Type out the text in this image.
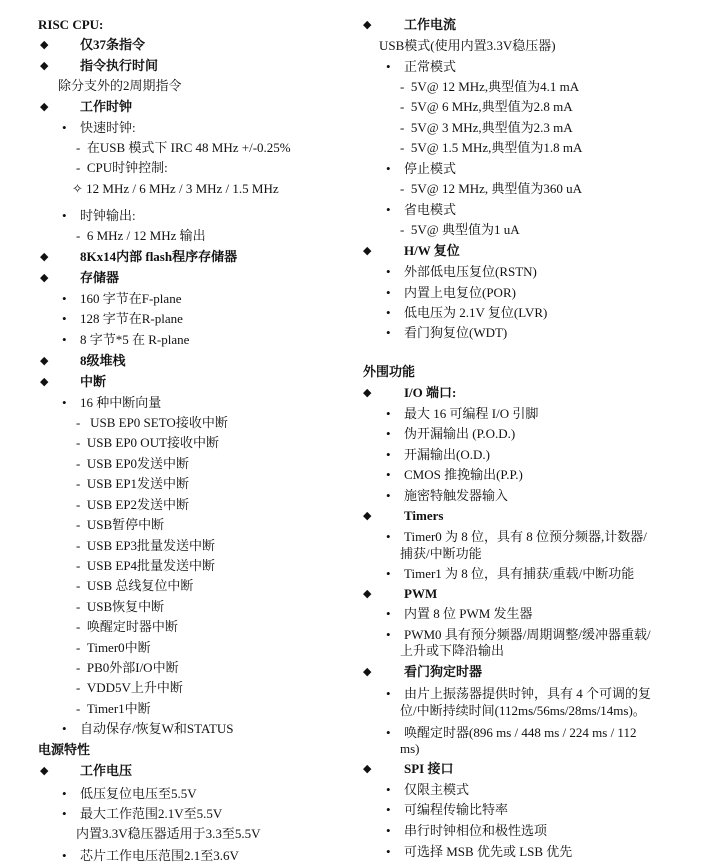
RISC CPU:
◆ 仅37条指令
◆ 指令执行时间
除分支外的2周期指令
◆ 工作时钟
• 快速时钟:
- 在USB 模式下 IRC 48 MHz +/-0.25%
- CPU时钟控制:
✧ 12 MHz / 6 MHz / 3 MHz / 1.5 MHz
• 时钟输出:
- 6 MHz / 12 MHz 输出
◆ 8Kx14内部 flash程序存储器
◆ 存储器
• 160 字节在F-plane
• 128 字节在R-plane
• 8 字节*5 在 R-plane
◆ 8级堆栈
◆ 中断
• 16 种中断向量
- USB EP0 SETO接收中断
- USB EP0 OUT接收中断
- USB EP0发送中断
- USB EP1发送中断
- USB EP2发送中断
- USB暂停中断
- USB EP3批量发送中断
- USB EP4批量发送中断
- USB 总线复位中断
- USB恢复中断
- 唤醒定时器中断
- Timer0中断
- PB0外部I/O中断
- VDD5V上升中断
- Timer1中断
• 自动保存/恢复W和STATUS
电源特性
◆ 工作电压
• 低压复位电压至5.5V
• 最大工作范围2.1V至5.5V
内置3.3V稳压器适用于3.3至5.5V
• 芯片工作电压范围2.1至3.6V
◆	工作电流
USB模式(使用内置3.3V稳压器)
• 正常模式
- 5V@ 12 MHz,典型值为4.1 mA
- 5V@ 6 MHz,典型值为2.8 mA
- 5V@ 3 MHz,典型值为2.3 mA
- 5V@ 1.5 MHz,典型值为1.8 mA
• 停止模式
- 5V@ 12 MHz, 典型值为360 uA
• 省电模式
- 5V@ 典型值为1 uA
◆	H/W 复位
• 外部低电压复位(RSTN)
• 内置上电复位(POR)
• 低电压为 2.1V 复位(LVR)
• 看门狗复位(WDT)
外围功能
◆	I/O 端口:
• 最大 16 可编程 I/O 引脚
• 伪开漏输出 (P.O.D.)
• 开漏输出(O.D.)
• CMOS 推挽输出(P.P.)
• 施密特触发器输入
◆	Timers
• Timer0 为 8 位，具有 8 位预分频器,计数器/
捕获/中断功能
• Timer1 为 8 位，具有捕获/重载/中断功能
◆	PWM
• 内置 8 位 PWM 发生器
• PWM0 具有预分频器/周期调整/缓冲器重载/
上升或下降沿输出
◆	看门狗定时器
• 由片上振荡器提供时钟，具有 4 个可调的复
位/中断持续时间(112ms/56ms/28ms/14ms)。
• 唤醒定时器(896 ms / 448 ms / 224 ms / 112
ms)
◆	SPI 接口
• 仅限主模式
• 可编程传输比特率
• 串行时钟相位和极性选项
• 可选择 MSB 优先或 LSB 优先
